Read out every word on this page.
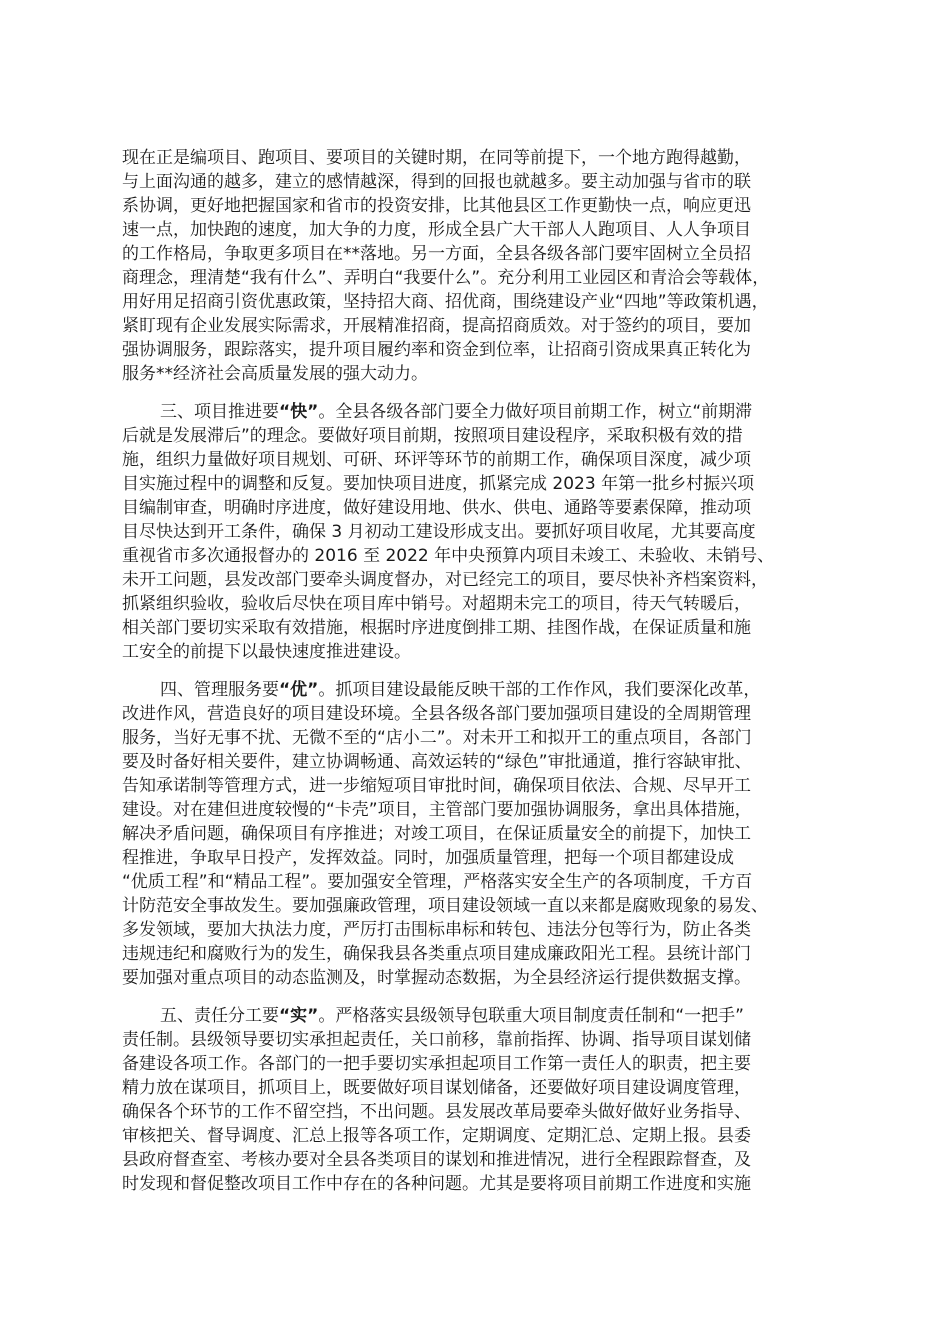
现在正是编项目、跑项目、要项目的关键时期，在同等前提下，一个地方跑得越勤，
与上面沟通的越多，建立的感情越深，得到的回报也就越多。要主动加强与省市的联
系协调，更好地把握国家和省市的投资安排，比其他县区工作更勤快一点，响应更迅
速一点，加快跑的速度，加大争的力度，形成全县广大干部人人跑项目、人人争项目
的工作格局，争取更多项目在**落地。另一方面，全县各级各部门要牢固树立全员招
商理念，理清楚“我有什么”、弄明白“我要什么”。充分利用工业园区和青洽会等载体，
用好用足招商引资优惠政策，坚持招大商、招优商，围绕建设产业“四地”等政策机遇，
紧盯现有企业发展实际需求，开展精准招商，提高招商质效。对于签约的项目，要加
强协调服务，跟踪落实，提升项目履约率和资金到位率，让招商引资成果真正转化为
服务**经济社会高质量发展的强大动力。
三、项目推进要“快”。全县各级各部门要全力做好项目前期工作，树立“前期滞
后就是发展滞后”的理念。要做好项目前期，按照项目建设程序，采取积极有效的措
施，组织力量做好项目规划、可研、环评等环节的前期工作，确保项目深度，减少项
目实施过程中的调整和反复。要加快项目进度，抓紧完成 2023 年第一批乡村振兴项
目编制审查，明确时序进度，做好建设用地、供水、供电、通路等要素保障，推动项
目尽快达到开工条件，确保 3 月初动工建设形成支出。要抓好项目收尾，尤其要高度
重视省市多次通报督办的 2016 至 2022 年中央预算内项目未竣工、未验收、未销号、
未开工问题，县发改部门要牵头调度督办，对已经完工的项目，要尽快补齐档案资料，
抓紧组织验收，验收后尽快在项目库中销号。对超期未完工的项目，待天气转暖后，
相关部门要切实采取有效措施，根据时序进度倒排工期、挂图作战，在保证质量和施
工安全的前提下以最快速度推进建设。
四、管理服务要“优”。抓项目建设最能反映干部的工作作风，我们要深化改革，
改进作风，营造良好的项目建设环境。全县各级各部门要加强项目建设的全周期管理
服务，当好无事不扰、无微不至的“店小二”。对未开工和拟开工的重点项目，各部门
要及时备好相关要件，建立协调畅通、高效运转的“绿色”审批通道，推行容缺审批、
告知承诺制等管理方式，进一步缩短项目审批时间，确保项目依法、合规、尽早开工
建设。对在建但进度较慢的“卡壳”项目，主管部门要加强协调服务，拿出具体措施，
解决矛盾问题，确保项目有序推进；对竣工项目，在保证质量安全的前提下，加快工
程推进，争取早日投产，发挥效益。同时，加强质量管理，把每一个项目都建设成
“优质工程”和“精品工程”。要加强安全管理，严格落实安全生产的各项制度，千方百
计防范安全事故发生。要加强廉政管理，项目建设领域一直以来都是腐败现象的易发、
多发领域，要加大执法力度，严厉打击围标串标和转包、违法分包等行为，防止各类
违规违纪和腐败行为的发生，确保我县各类重点项目建成廉政阳光工程。县统计部门
要加强对重点项目的动态监测及，时掌握动态数据，为全县经济运行提供数据支撑。
五、责任分工要“实”。严格落实县级领导包联重大项目制度责任制和“一把手”
责任制。县级领导要切实承担起责任，关口前移，靠前指挥、协调、指导项目谋划储
备建设各项工作。各部门的一把手要切实承担起项目工作第一责任人的职责，把主要
精力放在谋项目，抓项目上，既要做好项目谋划储备，还要做好项目建设调度管理，
确保各个环节的工作不留空挡，不出问题。县发展改革局要牵头做好做好业务指导、
审核把关、督导调度、汇总上报等各项工作，定期调度、定期汇总、定期上报。县委
县政府督查室、考核办要对全县各类项目的谋划和推进情况，进行全程跟踪督查，及
时发现和督促整改项目工作中存在的各种问题。尤其是要将项目前期工作进度和实施
